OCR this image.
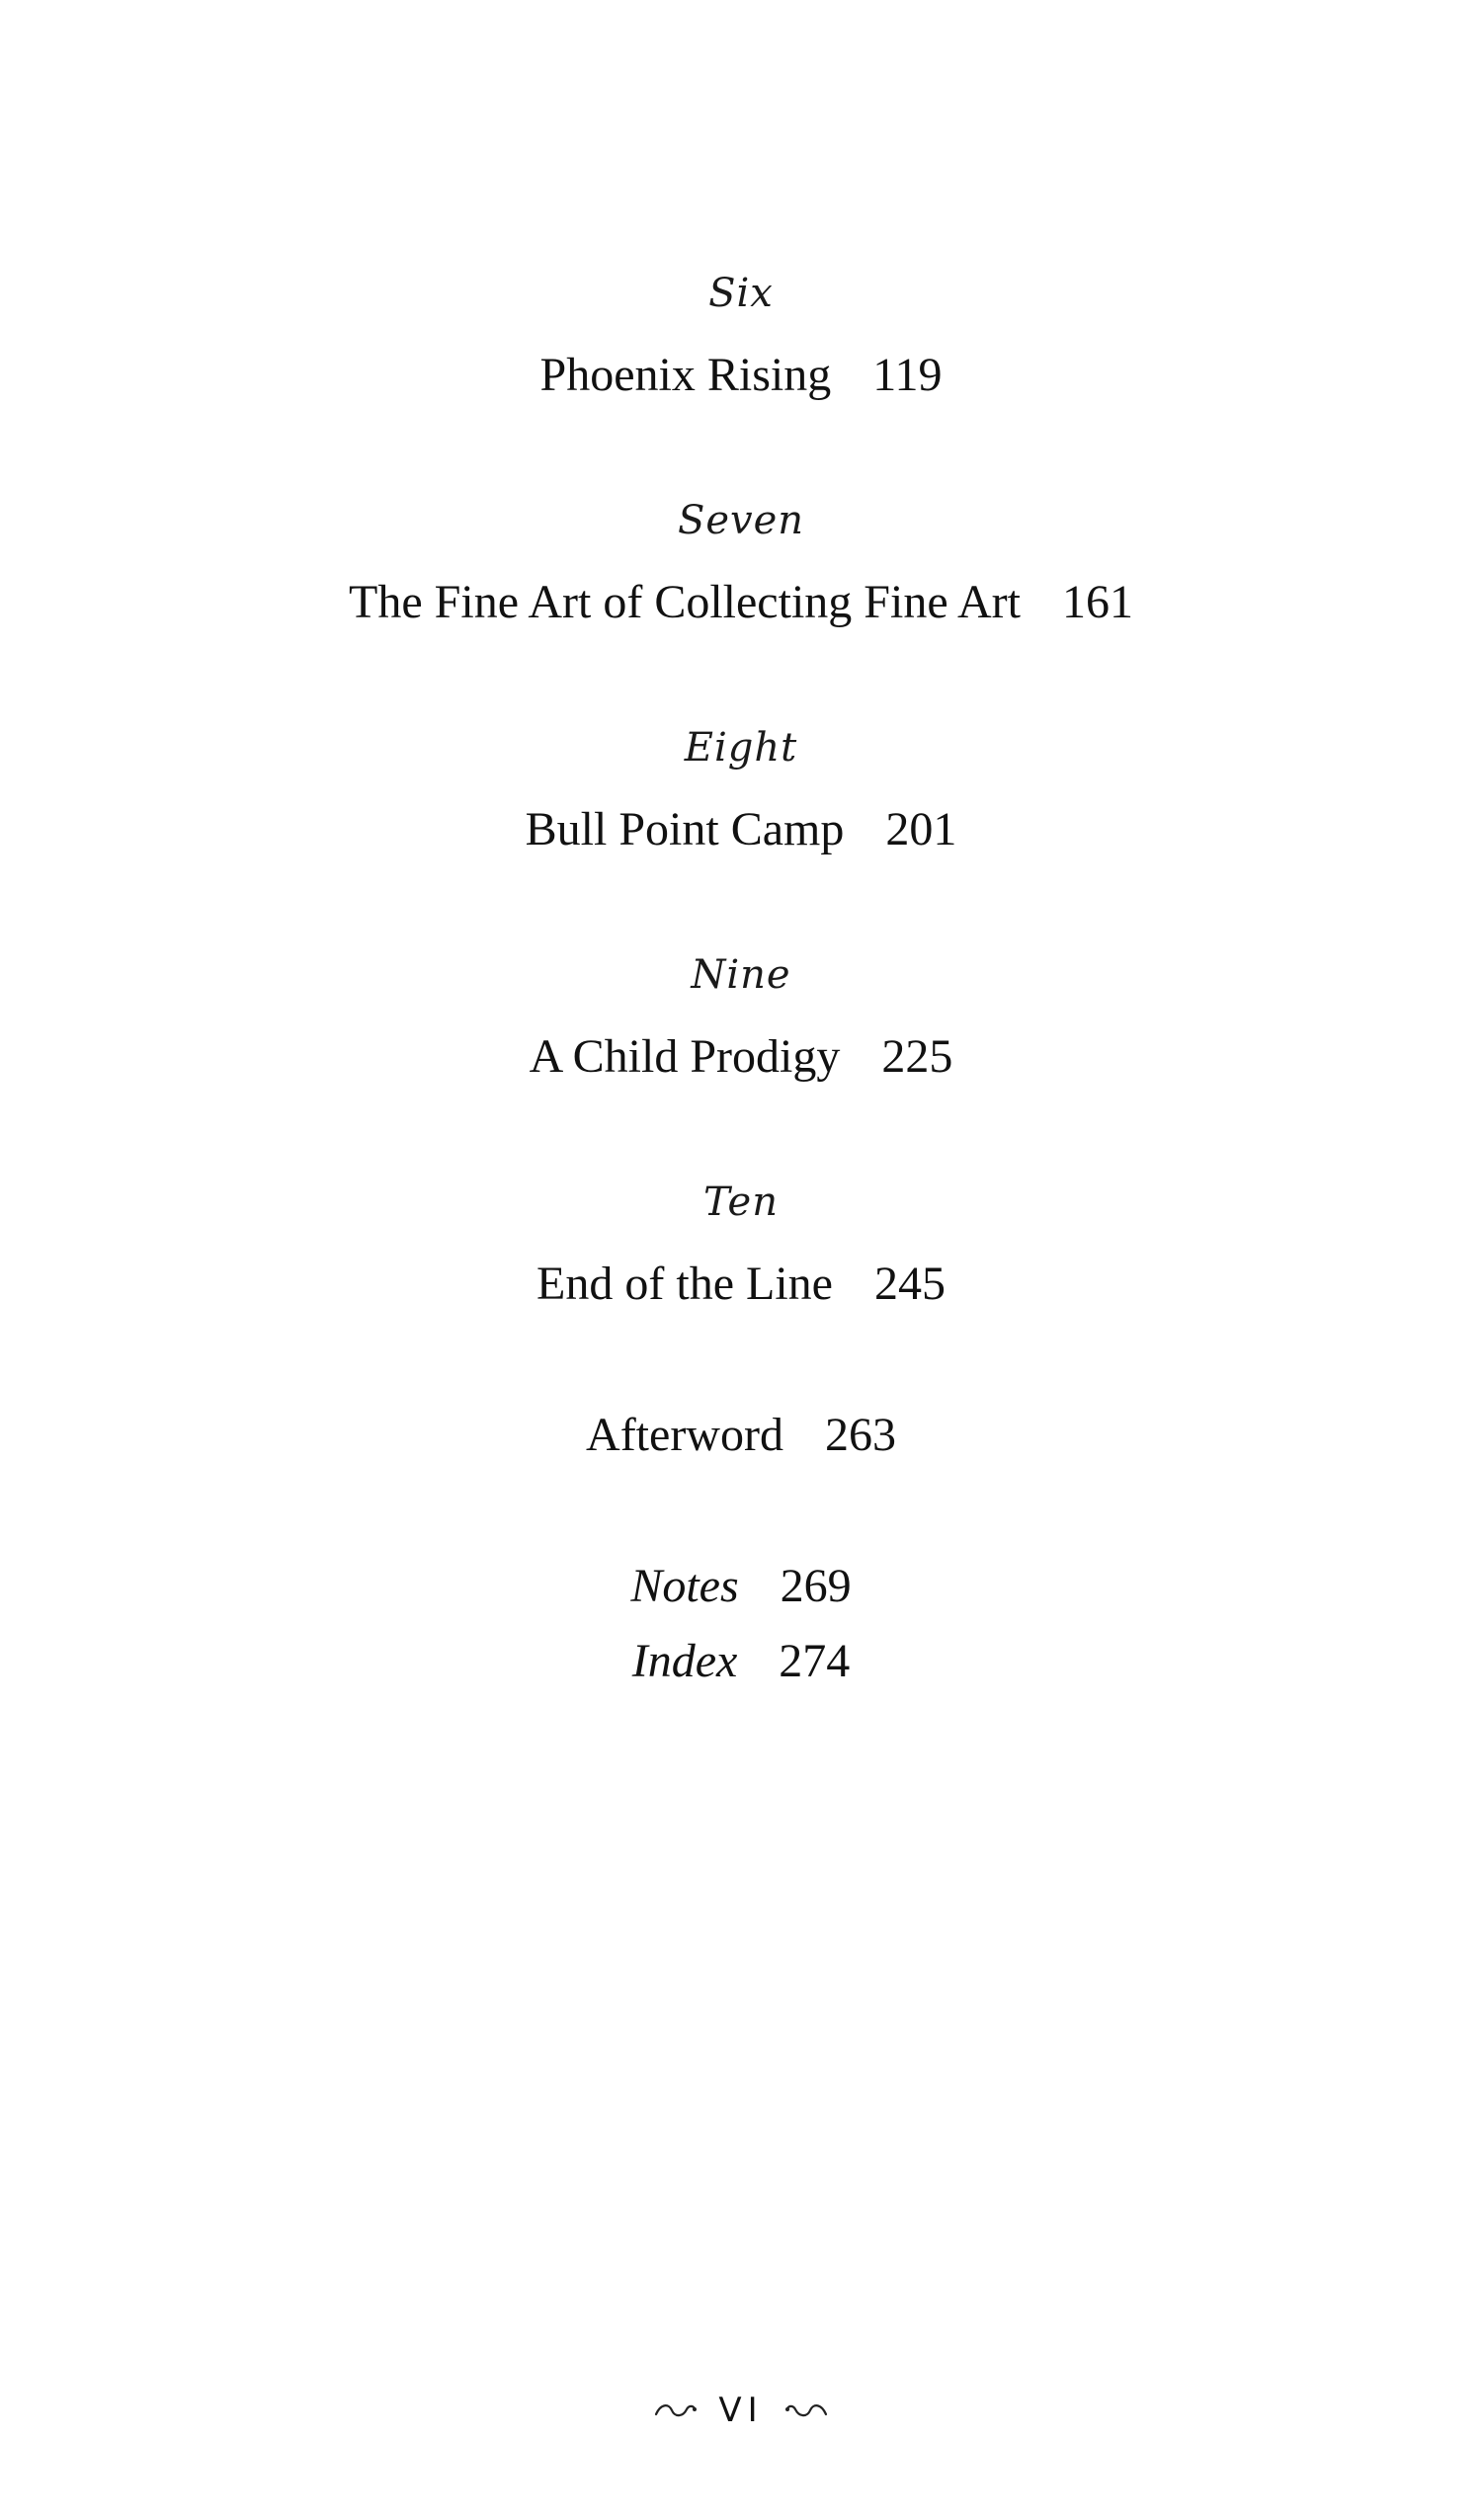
Six
Phoenix Rising 119
Seven
The Fine Art of Collecting Fine Art 161
Eight
Bull Point Camp 201
Nine
A Child Prodigy 225
Ten
End of the Line 245
Afterword 263
Notes 269
Index 274
VI
